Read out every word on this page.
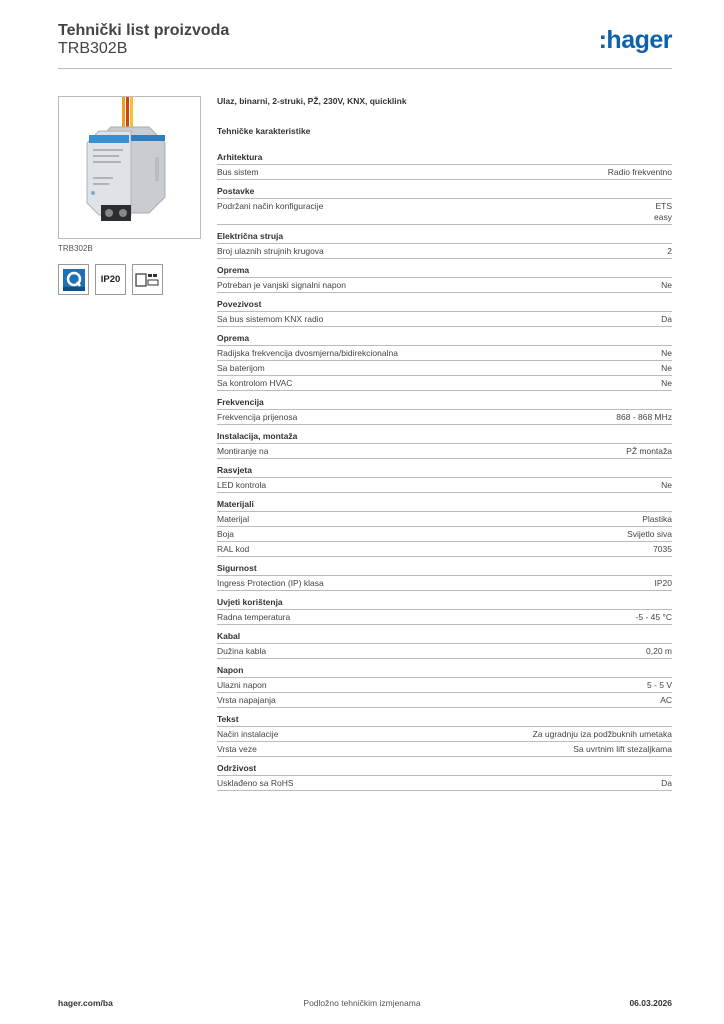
Tehnički list proizvoda
TRB302B	:hager
TRB302B
IP20
Ulaz, binarni, 2-struki, PŽ, 230V, KNX, quicklink
Tehničke karakteristike
Arhitektura
Bus sistem	Radio frekventno
Postavke
Podržani način konfiguracije	ETS
easy
Električna struja
Broj ulaznih strujnih krugova	2
Oprema
Potreban je vanjski signalni napon	Ne
Povezivost
Sa bus sistemom KNX radio	Da
Oprema
Radijska frekvencija dvosmjerna/bidirekcionalna	Ne
Sa baterijom	Ne
Sa kontrolom HVAC	Ne
Frekvencija
Frekvencija prijenosa	868 - 868 MHz
Instalacija, montaža
Montiranje na	PŽ montaža
Rasvjeta
LED kontrola	Ne
Materijali
Materijal	Plastika
Boja	Svijetlo siva
RAL kod	7035
Sigurnost
Ingress Protection (IP) klasa	IP20
Uvjeti korištenja
Radna temperatura	-5 - 45 °C
Kabal
Dužina kabla	0,20 m
Napon
Ulazni napon	5 - 5 V
Vrsta napajanja	AC
Tekst
Način instalacije	Za ugradnju iza podžbuknih umetaka
Vrsta veze	Sa uvrtnim lift stezaljkama
Održivost
Usklađeno sa RoHS	Da
hager.com/ba	Podložno tehničkim izmjenama	06.03.2026
